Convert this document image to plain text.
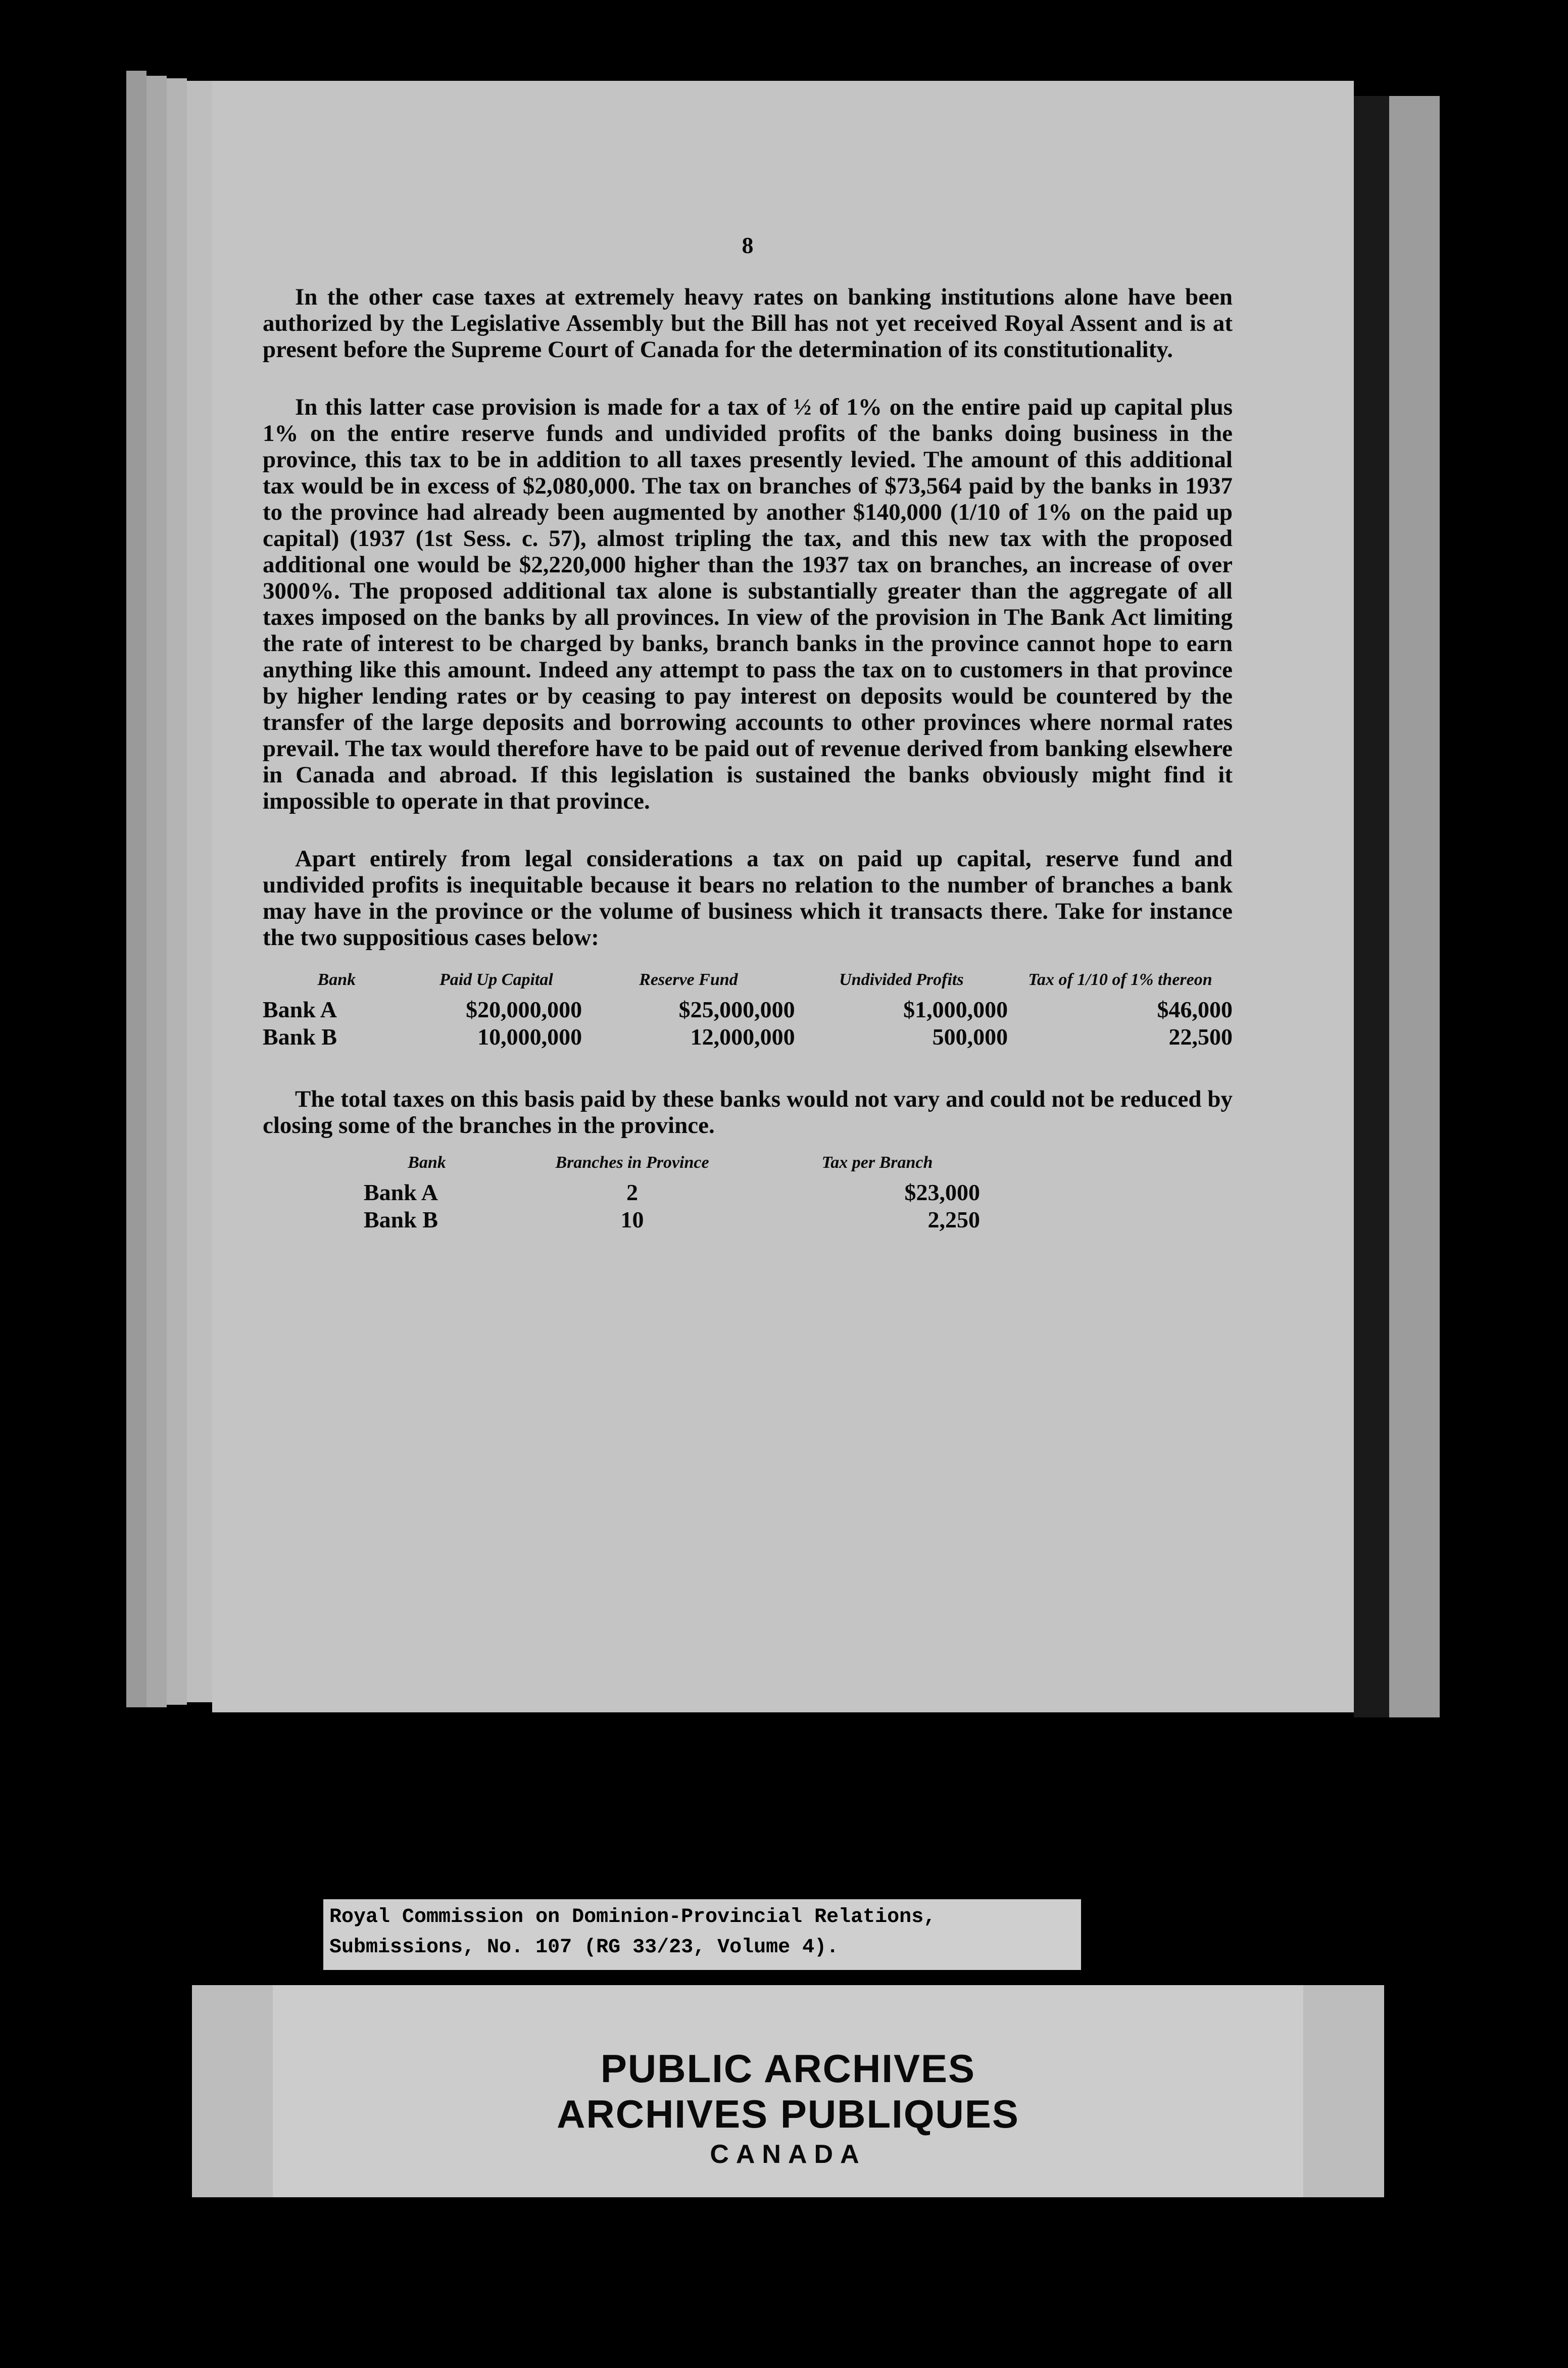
8

In the other case taxes at extremely heavy rates on banking institutions alone have been authorized by the Legislative Assembly but the Bill has not yet received Royal Assent and is at present before the Supreme Court of Canada for the determination of its constitutionality.

In this latter case provision is made for a tax of ½ of 1% on the entire paid up capital plus 1% on the entire reserve funds and undivided profits of the banks doing business in the province, this tax to be in addition to all taxes presently levied. The amount of this additional tax would be in excess of $2,080,000. The tax on branches of $73,564 paid by the banks in 1937 to the province had already been augmented by another $140,000 (1/10 of 1% on the paid up capital) (1937 (1st Sess. c. 57), almost tripling the tax, and this new tax with the proposed additional one would be $2,220,000 higher than the 1937 tax on branches, an increase of over 3000%. The proposed additional tax alone is substantially greater than the aggregate of all taxes imposed on the banks by all provinces. In view of the provision in The Bank Act limiting the rate of interest to be charged by banks, branch banks in the province cannot hope to earn anything like this amount. Indeed any attempt to pass the tax on to customers in that province by higher lending rates or by ceasing to pay interest on deposits would be countered by the transfer of the large deposits and borrowing accounts to other provinces where normal rates prevail. The tax would therefore have to be paid out of revenue derived from banking elsewhere in Canada and abroad. If this legislation is sustained the banks obviously might find it impossible to operate in that province.

Apart entirely from legal considerations a tax on paid up capital, reserve fund and undivided profits is inequitable because it bears no relation to the number of branches a bank may have in the province or the volume of business which it transacts there. Take for instance the two suppositious cases below:

Bank	Paid Up Capital	Reserve Fund	Undivided Profits	Tax of 1/10 of 1% thereon
Bank A	$20,000,000	$25,000,000	$1,000,000	$46,000
Bank B	10,000,000	12,000,000	500,000	22,500

The total taxes on this basis paid by these banks would not vary and could not be reduced by closing some of the branches in the province.

Bank	Branches in Province	Tax per Branch
Bank A	2	$23,000
Bank B	10	2,250
Royal Commission on Dominion-Provincial Relations,
Submissions, No. 107 (RG 33/23, Volume 4).
PUBLIC ARCHIVES
ARCHIVES PUBLIQUES
CANADA
